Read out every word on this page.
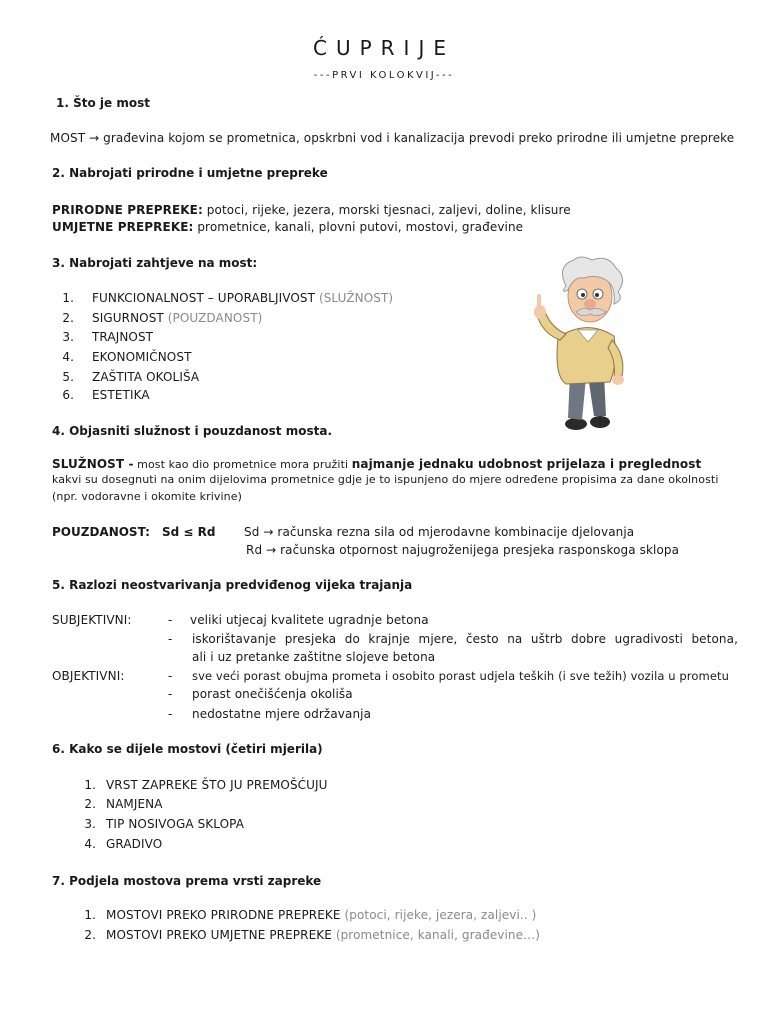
ĆUPRIJE
---PRVI KOLOKVIJ---
1. Što je most
MOST → građevina kojom se prometnica, opskrbni vod i kanalizacija prevodi preko prirodne ili umjetne prepreke
2. Nabrojati prirodne i umjetne prepreke
PRIRODNE PREPREKE: potoci, rijeke, jezera, morski tjesnaci, zaljevi, doline, klisure
UMJETNE PREPREKE: prometnice, kanali, plovni putovi, mostovi, građevine
3. Nabrojati zahtjeve na most:
1. FUNKCIONALNOST – UPORABLJIVOST (SLUŽNOST)
2. SIGURNOST (POUZDANOST)
3. TRAJNOST
4. EKONOMIČNOST
5. ZAŠTITA OKOLIŠA
6. ESTETIKA
4. Objasniti služnost i pouzdanost mosta.
SLUŽNOST - most kao dio prometnice mora pružiti najmanje jednaku udobnost prijelaza i preglednost
kakvi su dosegnuti na onim dijelovima prometnice gdje je to ispunjeno do mjere određene propisima za dane okolnosti
(npr. vodoravne i okomite krivine)
POUZDANOST: Sd ≤ Rd Sd → računska rezna sila od mjerodavne kombinacije djelovanja
Rd → računska otpornost najugroženijega presjeka rasponskoga sklopa
5. Razlozi neostvarivanja predviđenog vijeka trajanja
SUBJEKTIVNI:	- veliki utjecaj kvalitete ugradnje betona
- iskorištavanje presjeka do krajnje mjere, često na uštrb dobre ugradivosti betona,
ali i uz pretanke zaštitne slojeve betona
OBJEKTIVNI:	- sve veći porast obujma prometa i osobito porast udjela teških (i sve težih) vozila u prometu
- porast onečišćenja okoliša
- nedostatne mjere održavanja
6. Kako se dijele mostovi (četiri mjerila)
1. VRST ZAPREKE ŠTO JU PREMOŠĆUJU
2. NAMJENA
3. TIP NOSIVOGA SKLOPA
4. GRADIVO
7. Podjela mostova prema vrsti zapreke
1. MOSTOVI PREKO PRIRODNE PREPREKE (potoci, rijeke, jezera, zaljevi.. )
2. MOSTOVI PREKO UMJETNE PREPREKE (prometnice, kanali, građevine…)
